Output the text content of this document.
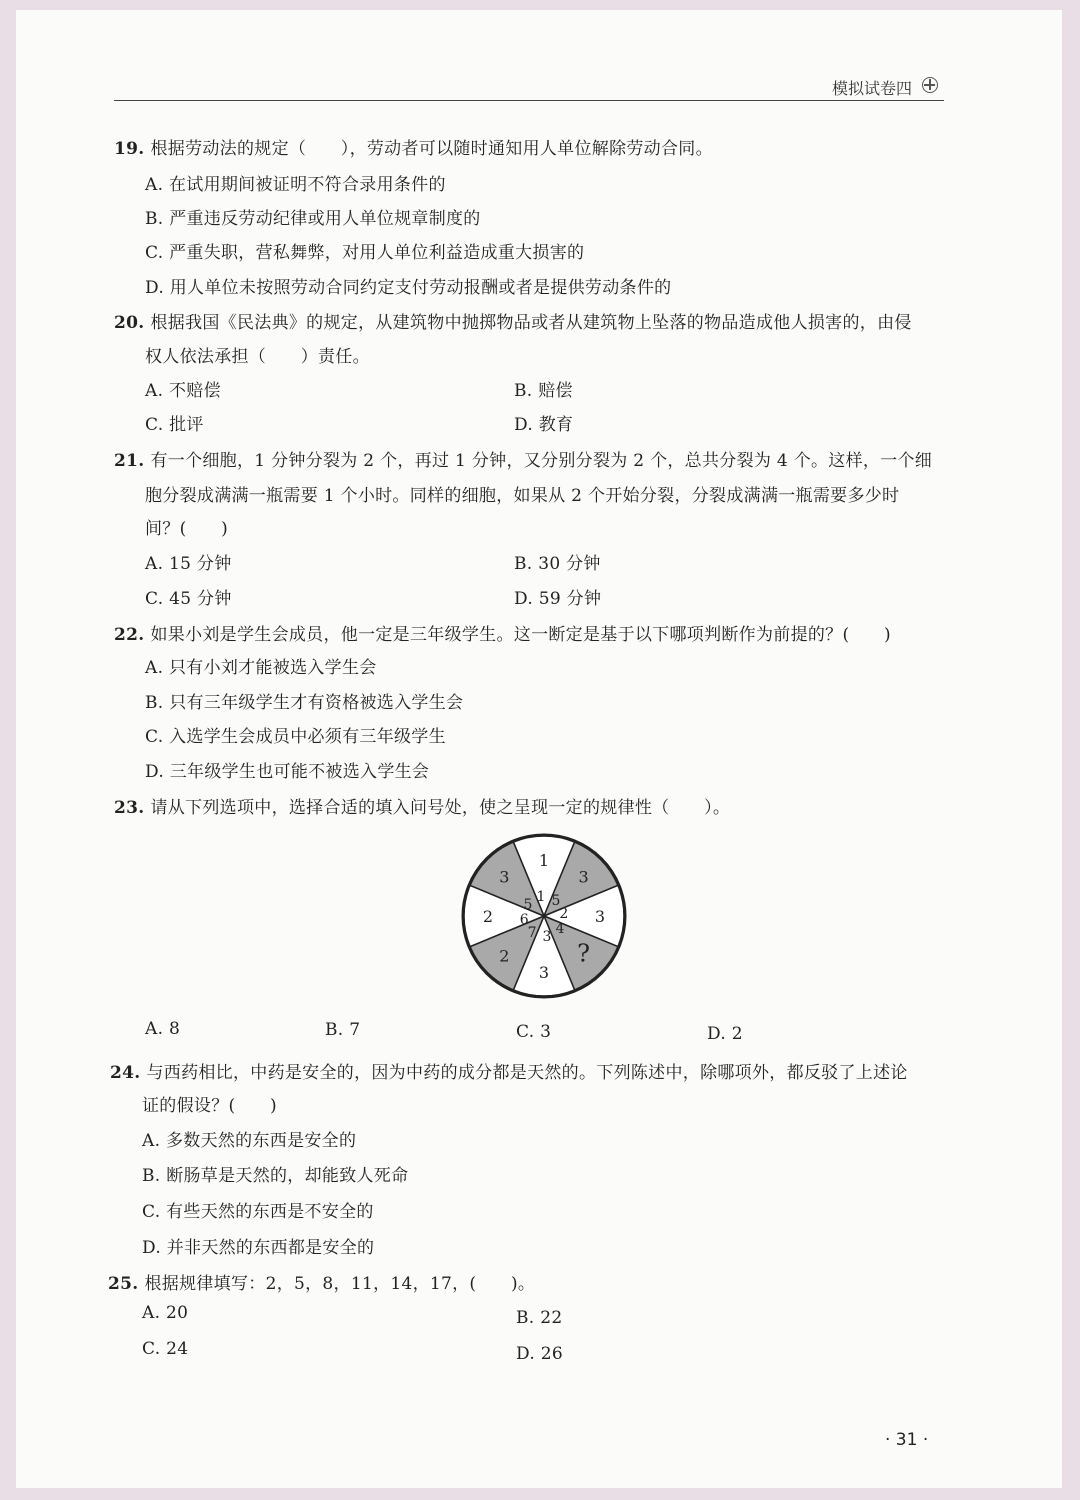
模拟试卷四
19. 根据劳动法的规定（　　），劳动者可以随时通知用人单位解除劳动合同。
A. 在试用期间被证明不符合录用条件的
B. 严重违反劳动纪律或用人单位规章制度的
C. 严重失职，营私舞弊，对用人单位利益造成重大损害的
D. 用人单位未按照劳动合同约定支付劳动报酬或者是提供劳动条件的
20. 根据我国《民法典》的规定，从建筑物中抛掷物品或者从建筑物上坠落的物品造成他人损害的，由侵
权人依法承担（　　）责任。
A. 不赔偿	B. 赔偿
C. 批评	D. 教育
21. 有一个细胞，1 分钟分裂为 2 个，再过 1 分钟，又分别分裂为 2 个，总共分裂为 4 个。这样，一个细
胞分裂成满满一瓶需要 1 个小时。同样的细胞，如果从 2 个开始分裂，分裂成满满一瓶需要多少时
间？(　　)
A. 15 分钟	B. 30 分钟
C. 45 分钟	D. 59 分钟
22. 如果小刘是学生会成员，他一定是三年级学生。这一断定是基于以下哪项判断作为前提的？(　　)
A. 只有小刘才能被选入学生会
B. 只有三年级学生才有资格被选入学生会
C. 入选学生会成员中必须有三年级学生
D. 三年级学生也可能不被选入学生会
23. 请从下列选项中，选择合适的填入问号处，使之呈现一定的规律性（　　）。
1
1
3
5
3
2
?
4
3
3
2
7
2 6
3
5
A. 8	B. 7	C. 3	D. 2
24. 与西药相比，中药是安全的，因为中药的成分都是天然的。下列陈述中，除哪项外，都反驳了上述论
证的假设？(　　)
A. 多数天然的东西是安全的
B. 断肠草是天然的，却能致人死命
C. 有些天然的东西是不安全的
D. 并非天然的东西都是安全的
25. 根据规律填写：2，5，8，11，14，17，(　　)。
A. 20	B. 22
C. 24	D. 26
· 31 ·
